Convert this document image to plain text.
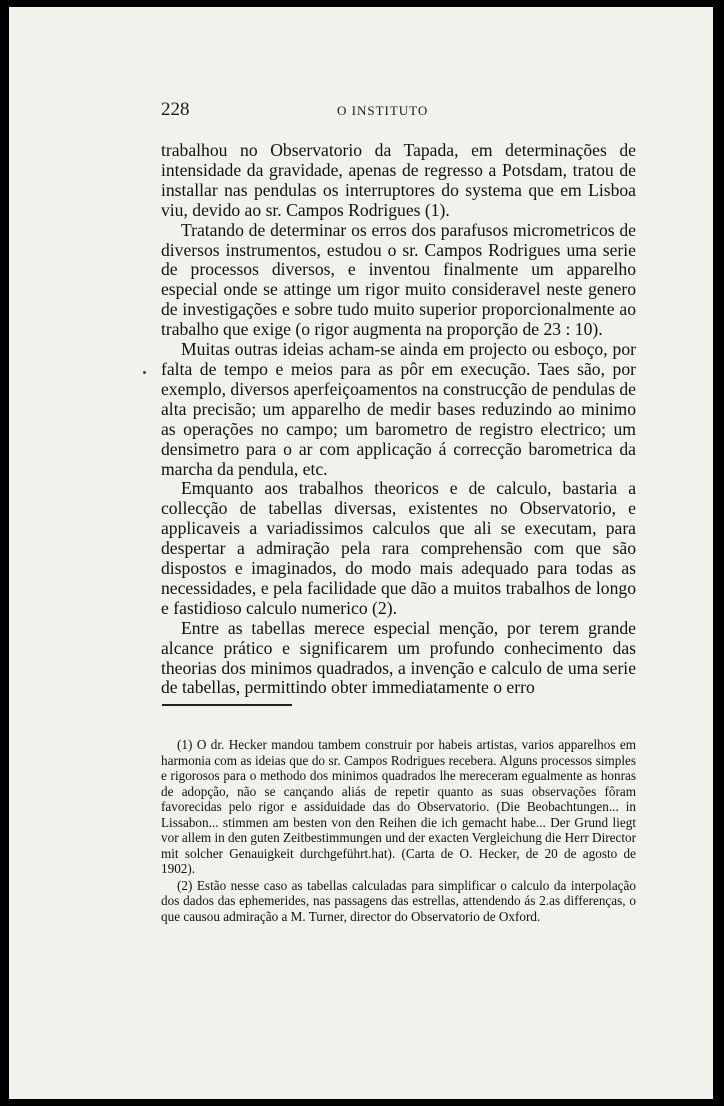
228	O INSTITUTO

trabalhou no Observatorio da Tapada, em determinações de intensidade da gravidade, apenas de regresso a Potsdam, tratou de installar nas pendulas os interruptores do systema que em Lisboa viu, devido ao sr. Campos Rodrigues (1).

Tratando de determinar os erros dos parafusos micrometricos de diversos instrumentos, estudou o sr. Campos Rodrigues uma serie de processos diversos, e inventou finalmente um apparelho especial onde se attinge um rigor muito consideravel neste genero de investigações e sobre tudo muito superior proporcionalmente ao trabalho que exige (o rigor augmenta na proporção de 23 : 10).

Muitas outras ideias acham-se ainda em projecto ou esboço, por falta de tempo e meios para as pôr em execução. Taes são, por exemplo, diversos aperfeiçoamentos na construcção de pendulas de alta precisão; um apparelho de medir bases reduzindo ao minimo as operações no campo; um barometro de registro electrico; um densimetro para o ar com applicação á correcção barometrica da marcha da pendula, etc.

Emquanto aos trabalhos theoricos e de calculo, bastaria a collecção de tabellas diversas, existentes no Observatorio, e applicaveis a variadissimos calculos que ali se executam, para despertar a admiração pela rara comprehensão com que são dispostos e imaginados, do modo mais adequado para todas as necessidades, e pela facilidade que dão a muitos trabalhos de longo e fastidioso calculo numerico (2).

Entre as tabellas merece especial menção, por terem grande alcance prático e significarem um profundo conhecimento das theorias dos minimos quadrados, a invenção e calculo de uma serie de tabellas, permittindo obter immediatamente o erro

(1) O dr. Hecker mandou tambem construir por habeis artistas, varios apparelhos em harmonia com as ideias que do sr. Campos Rodrigues recebera. Alguns processos simples e rigorosos para o methodo dos minimos quadrados lhe mereceram egualmente as honras de adopção, não se cançando aliás de repetir quanto as suas observações fôram favorecidas pelo rigor e assiduidade das do Observatorio. (Die Beobachtungen... in Lissabon... stimmen am besten von den Reihen die ich gemacht habe... Der Grund liegt vor allem in den guten Zeitbestimmungen und der exacten Vergleichung die Herr Director mit solcher Genauigkeit durchgeführt.hat). (Carta de O. Hecker, de 20 de agosto de 1902).

(2) Estão nesse caso as tabellas calculadas para simplificar o calculo da interpolação dos dados das ephemerides, nas passagens das estrellas, attendendo ás 2.as differenças, o que causou admiração a M. Turner, director do Observatorio de Oxford.
